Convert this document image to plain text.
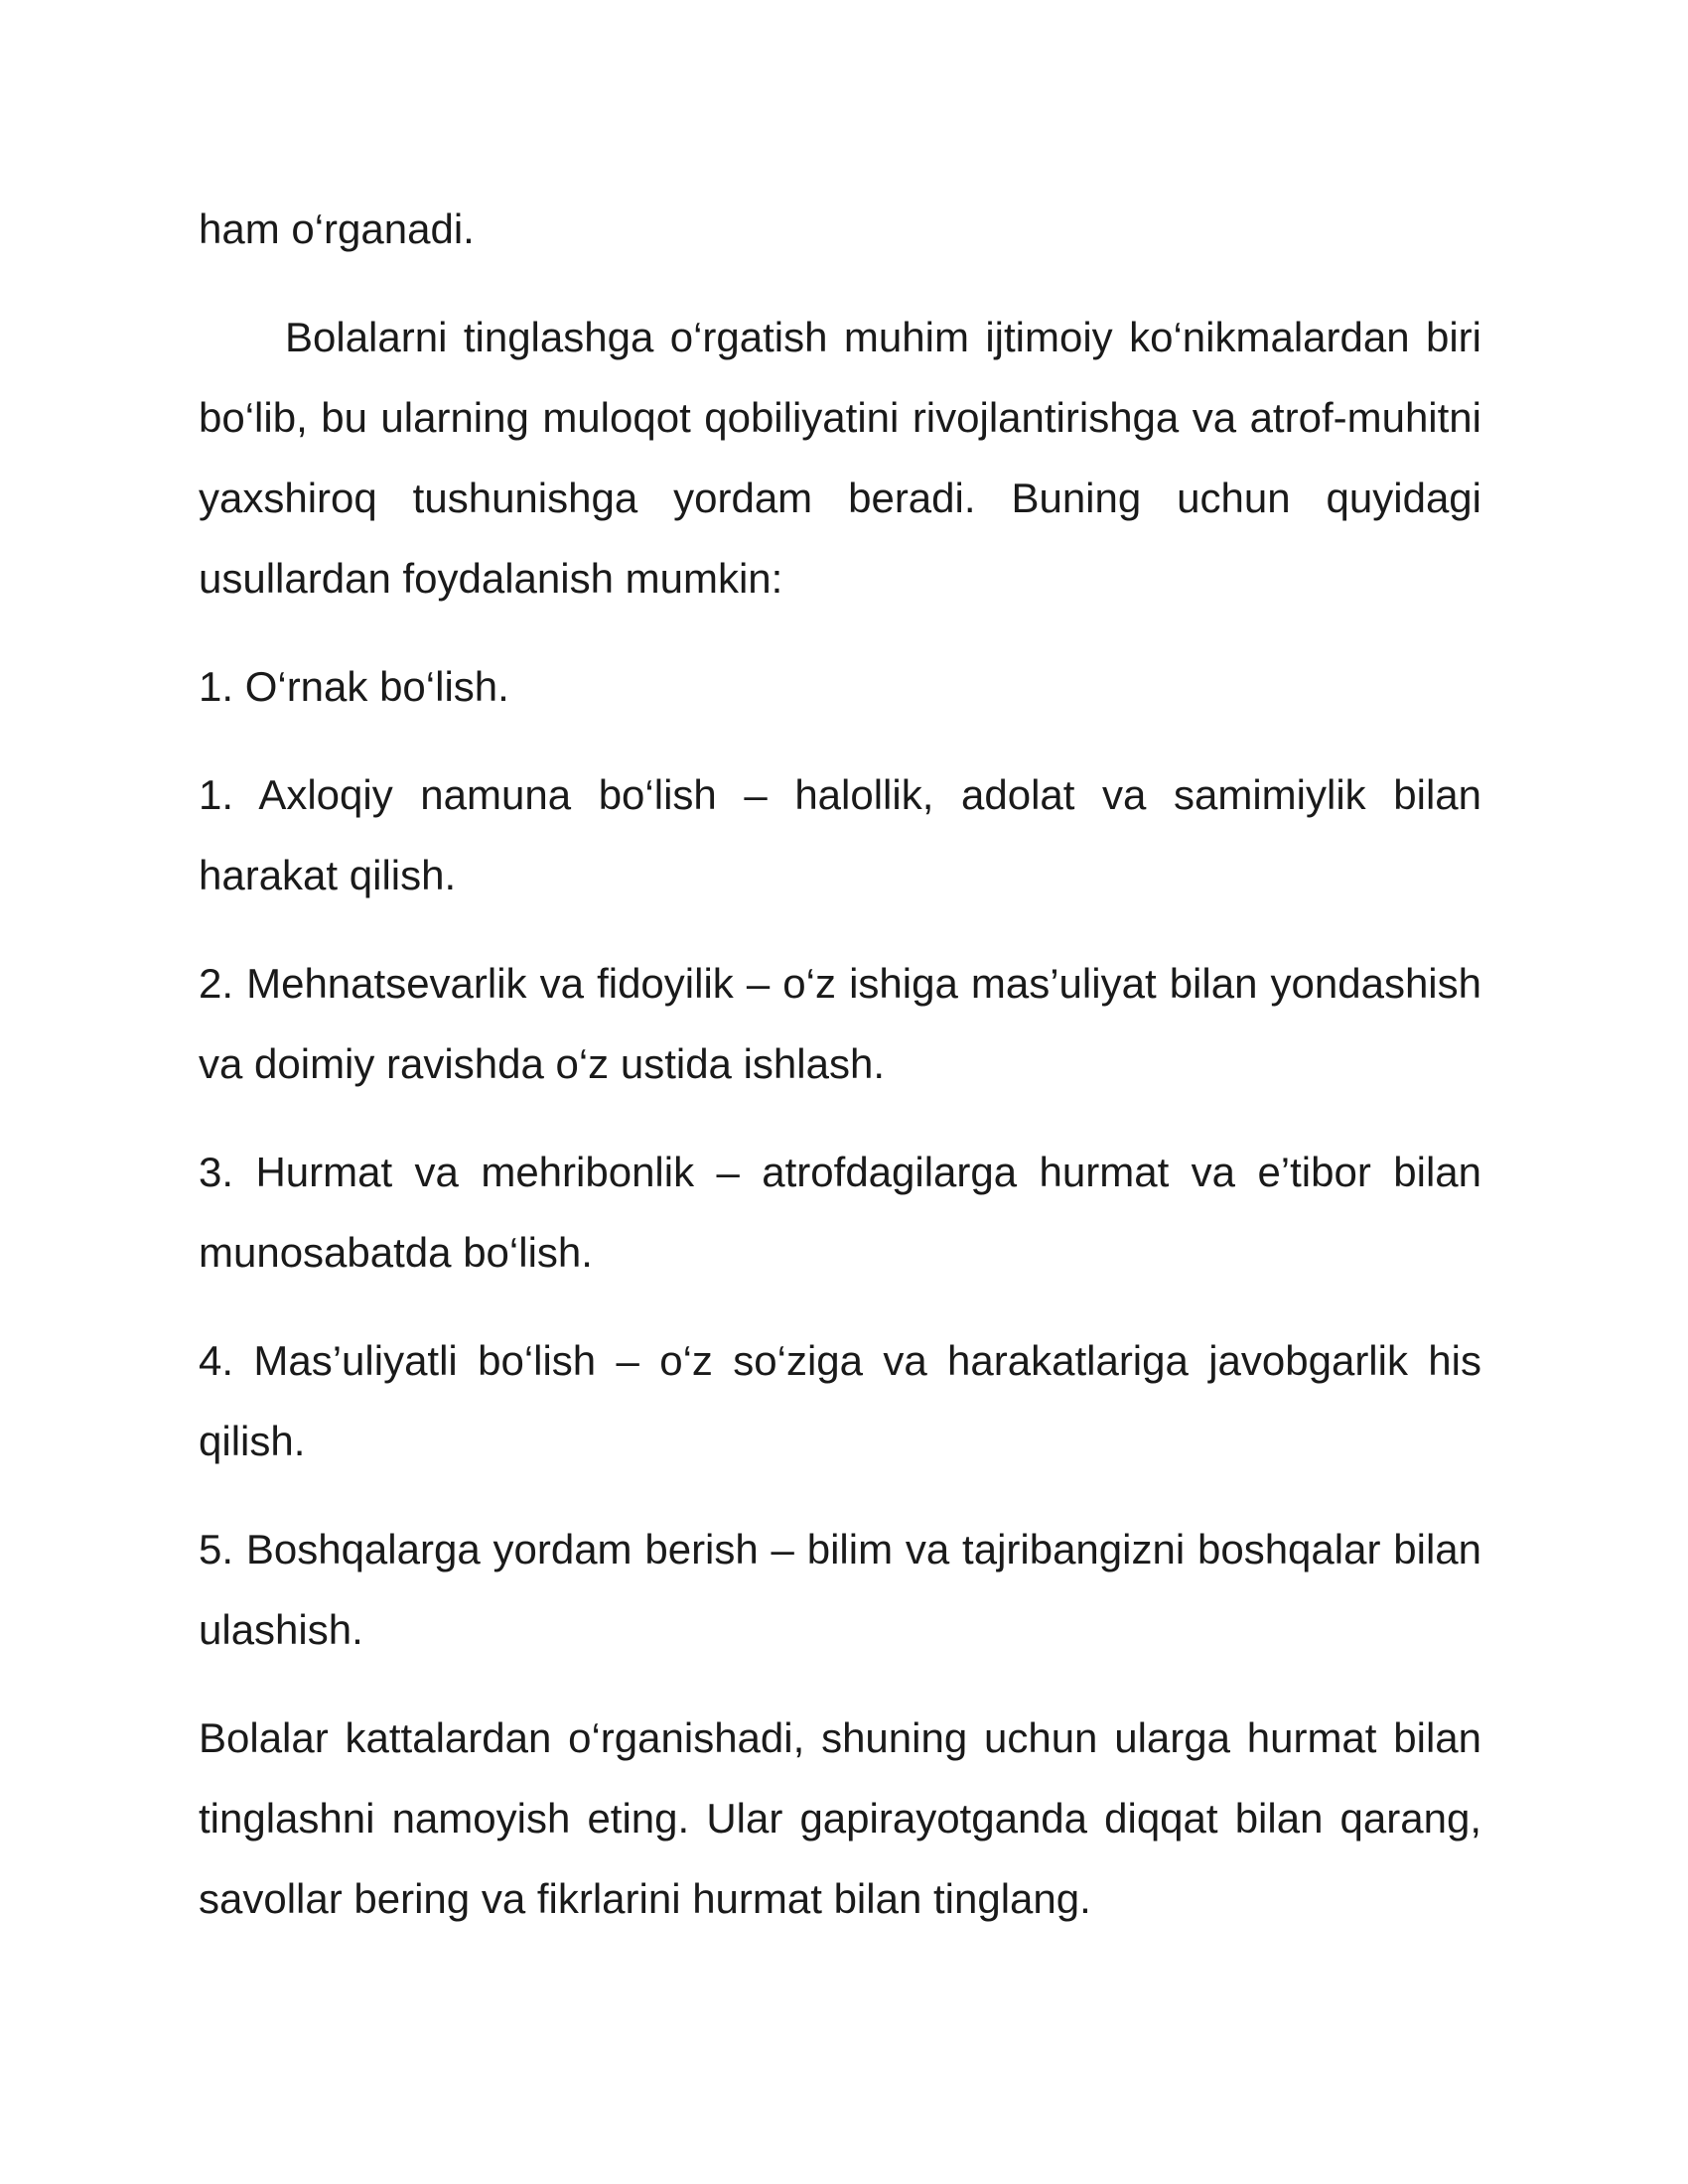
ham o‘rganadi.

Bolalarni tinglashga o‘rgatish muhim ijtimoiy ko‘nikmalardan biri bo‘lib, bu ularning muloqot qobiliyatini rivojlantirishga va atrof-muhitni yaxshiroq tushunishga yordam beradi. Buning uchun quyidagi usullardan foydalanish mumkin:

1. O‘rnak bo‘lish.

1. Axloqiy namuna bo‘lish – halollik, adolat va samimiylik bilan harakat qilish.

2. Mehnatsevarlik va fidoyilik – o‘z ishiga mas’uliyat bilan yondashish va doimiy ravishda o‘z ustida ishlash.

3. Hurmat va mehribonlik – atrofdagilarga hurmat va e’tibor bilan munosabatda bo‘lish.

4. Mas’uliyatli bo‘lish – o‘z so‘ziga va harakatlariga javobgarlik his qilish.

5. Boshqalarga yordam berish – bilim va tajribangizni boshqalar bilan ulashish.

Bolalar kattalardan o‘rganishadi, shuning uchun ularga hurmat bilan tinglashni namoyish eting. Ular gapirayotganda diqqat bilan qarang, savollar bering va fikrlarini hurmat bilan tinglang.
